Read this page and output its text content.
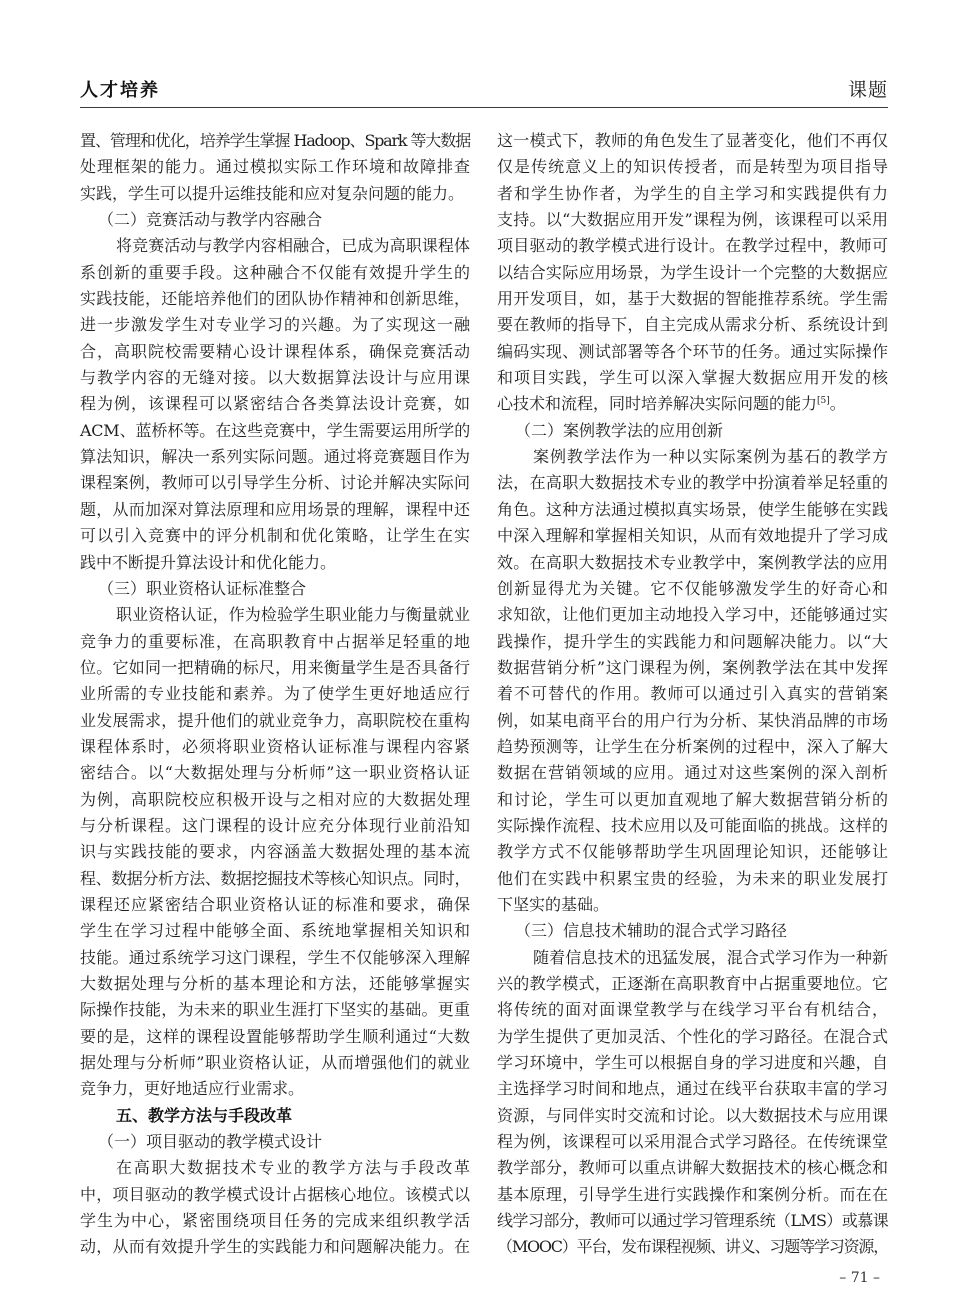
人才培养	课题
置、管理和优化，培养学生掌握 Hadoop、Spark 等大数据
处理框架的能力。通过模拟实际工作环境和故障排查
实践，学生可以提升运维技能和应对复杂问题的能力。
（二）竞赛活动与教学内容融合
将竞赛活动与教学内容相融合，已成为高职课程体
系创新的重要手段。这种融合不仅能有效提升学生的
实践技能，还能培养他们的团队协作精神和创新思维，
进一步激发学生对专业学习的兴趣。为了实现这一融
合，高职院校需要精心设计课程体系，确保竞赛活动
与教学内容的无缝对接。以大数据算法设计与应用课
程为例，该课程可以紧密结合各类算法设计竞赛，如
ACM、蓝桥杯等。在这些竞赛中，学生需要运用所学的
算法知识，解决一系列实际问题。通过将竞赛题目作为
课程案例，教师可以引导学生分析、讨论并解决实际问
题，从而加深对算法原理和应用场景的理解，课程中还
可以引入竞赛中的评分机制和优化策略，让学生在实
践中不断提升算法设计和优化能力。
（三）职业资格认证标准整合
职业资格认证，作为检验学生职业能力与衡量就业
竞争力的重要标准，在高职教育中占据举足轻重的地
位。它如同一把精确的标尺，用来衡量学生是否具备行
业所需的专业技能和素养。为了使学生更好地适应行
业发展需求，提升他们的就业竞争力，高职院校在重构
课程体系时，必须将职业资格认证标准与课程内容紧
密结合。以“大数据处理与分析师”这一职业资格认证
为例，高职院校应积极开设与之相对应的大数据处理
与分析课程。这门课程的设计应充分体现行业前沿知
识与实践技能的要求，内容涵盖大数据处理的基本流
程、数据分析方法、数据挖掘技术等核心知识点。同时，
课程还应紧密结合职业资格认证的标准和要求，确保
学生在学习过程中能够全面、系统地掌握相关知识和
技能。通过系统学习这门课程，学生不仅能够深入理解
大数据处理与分析的基本理论和方法，还能够掌握实
际操作技能，为未来的职业生涯打下坚实的基础。更重
要的是，这样的课程设置能够帮助学生顺利通过“大数
据处理与分析师”职业资格认证，从而增强他们的就业
竞争力，更好地适应行业需求。
五、教学方法与手段改革
（一）项目驱动的教学模式设计
在高职大数据技术专业的教学方法与手段改革
中，项目驱动的教学模式设计占据核心地位。该模式以
学生为中心，紧密围绕项目任务的完成来组织教学活
动，从而有效提升学生的实践能力和问题解决能力。在
这一模式下，教师的角色发生了显著变化，他们不再仅
仅是传统意义上的知识传授者，而是转型为项目指导
者和学生协作者，为学生的自主学习和实践提供有力
支持。以“大数据应用开发”课程为例，该课程可以采用
项目驱动的教学模式进行设计。在教学过程中，教师可
以结合实际应用场景，为学生设计一个完整的大数据应
用开发项目，如，基于大数据的智能推荐系统。学生需
要在教师的指导下，自主完成从需求分析、系统设计到
编码实现、测试部署等各个环节的任务。通过实际操作
和项目实践，学生可以深入掌握大数据应用开发的核
心技术和流程，同时培养解决实际问题的能力[5]。
（二）案例教学法的应用创新
案例教学法作为一种以实际案例为基石的教学方
法，在高职大数据技术专业的教学中扮演着举足轻重的
角色。这种方法通过模拟真实场景，使学生能够在实践
中深入理解和掌握相关知识，从而有效地提升了学习成
效。在高职大数据技术专业教学中，案例教学法的应用
创新显得尤为关键。它不仅能够激发学生的好奇心和
求知欲，让他们更加主动地投入学习中，还能够通过实
践操作，提升学生的实践能力和问题解决能力。以“大
数据营销分析”这门课程为例，案例教学法在其中发挥
着不可替代的作用。教师可以通过引入真实的营销案
例，如某电商平台的用户行为分析、某快消品牌的市场
趋势预测等，让学生在分析案例的过程中，深入了解大
数据在营销领域的应用。通过对这些案例的深入剖析
和讨论，学生可以更加直观地了解大数据营销分析的
实际操作流程、技术应用以及可能面临的挑战。这样的
教学方式不仅能够帮助学生巩固理论知识，还能够让
他们在实践中积累宝贵的经验，为未来的职业发展打
下坚实的基础。
（三）信息技术辅助的混合式学习路径
随着信息技术的迅猛发展，混合式学习作为一种新
兴的教学模式，正逐渐在高职教育中占据重要地位。它
将传统的面对面课堂教学与在线学习平台有机结合，
为学生提供了更加灵活、个性化的学习路径。在混合式
学习环境中，学生可以根据自身的学习进度和兴趣，自
主选择学习时间和地点，通过在线平台获取丰富的学习
资源，与同伴实时交流和讨论。以大数据技术与应用课
程为例，该课程可以采用混合式学习路径。在传统课堂
教学部分，教师可以重点讲解大数据技术的核心概念和
基本原理，引导学生进行实践操作和案例分析。而在在
线学习部分，教师可以通过学习管理系统（LMS）或慕课
（MOOC）平台，发布课程视频、讲义、习题等学习资源，
– 71 –
